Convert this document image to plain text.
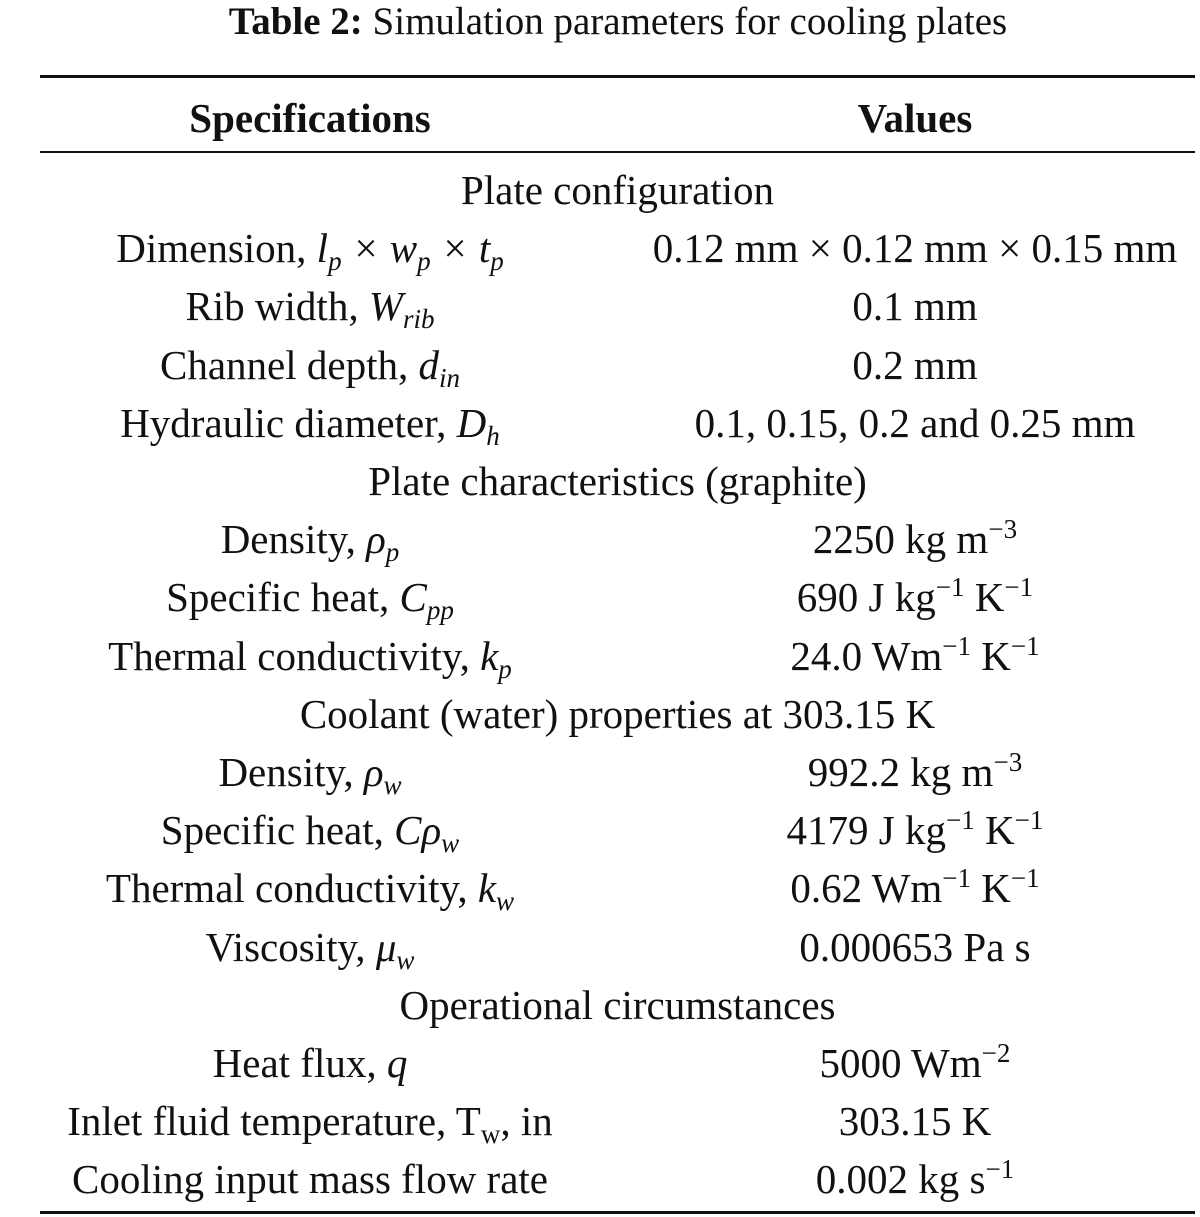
Table 2: Simulation parameters for cooling plates
Specifications	Values
Plate configuration
Dimension, $l_p \times w_p \times t_p$	0.12 mm × 0.12 mm × 0.15 mm
Rib width, $W_{rib}$	0.1 mm
Channel depth, $d_{in}$	0.2 mm
Hydraulic diameter, $D_h$	0.1, 0.15, 0.2 and 0.25 mm
Plate characteristics (graphite)
Density, $\rho_p$	2250 kg $m^{-3}$
Specific heat, $C_{pp}$	690 J $kg^{-1}$ $K^{-1}$
Thermal conductivity, $k_p$	24.0 $Wm^{-1}$ $K^{-1}$
Coolant (water) properties at 303.15 K
Density, $\rho_w$	992.2 kg $m^{-3}$
Specific heat, $C\rho_w$	4179 J $kg^{-1}$ $K^{-1}$
Thermal conductivity, $k_w$	0.62 $Wm^{-1}$ $K^{-1}$
Viscosity, $\mu_w$	0.000653 Pa s
Operational circumstances
Heat flux, q	5000 $Wm^{-2}$
Inlet fluid temperature, $T_w$, in	303.15 K
Cooling input mass flow rate	0.002 kg $s^{-1}$
